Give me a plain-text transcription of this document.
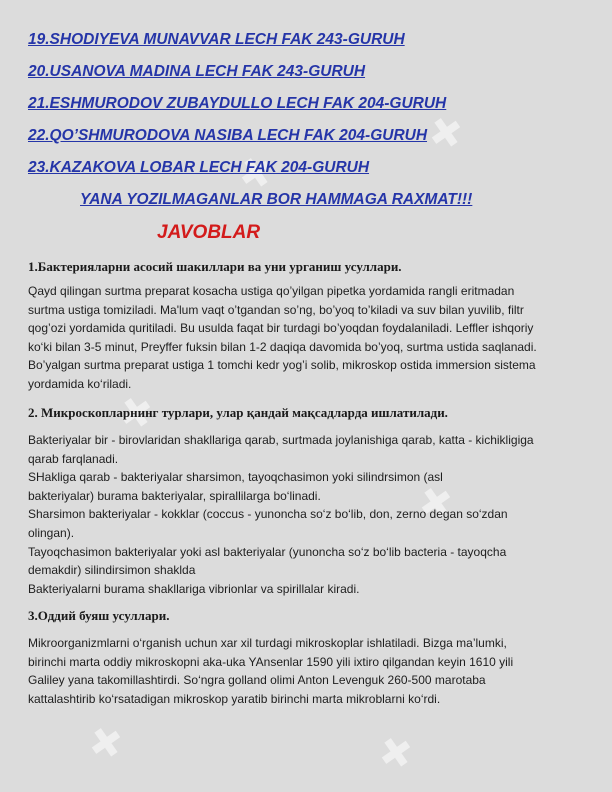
✚
✚
✚
✚
✚	✚
19.SHODIYEVA MUNAVVAR LECH FAK 243-GURUH
20.USANOVA MADINA LECH FAK 243-GURUH
21.ESHMURODOV ZUBAYDULLO LECH FAK 204-GURUH
22.QO’SHMURODOVA NASIBA LECH FAK 204-GURUH
23.KAZAKOVA LOBAR LECH FAK 204-GURUH
YANA YOZILMAGANLAR BOR HAMMAGA RAXMAT!!!
JAVOBLAR
1.Бактерияларни асосий шакиллари ва уни урганиш усуллари.
Qayd qilingan surtma preparat kosacha ustiga qo’yilgan pipetka yordamida rangli eritmadan
surtma ustiga tomiziladi. Ma'lum vaqt o’tgandan so’ng, bo’yoq to’kiladi va suv bilan yuvilib, filtr
qog’ozi yordamida quritiladi. Bu usulda faqat bir turdagi bo’yoqdan foydalaniladi. Leffler ishqoriy
ko‘ki bilan 3-5 minut, Preyffer fuksin bilan 1-2 daqiqa davomida bo’yoq, surtma ustida saqlanadi.
Bo’yalgan surtma preparat ustiga 1 tomchi kedr yog’i solib, mikroskop ostida immersion sistema
yordamida ko‘riladi.
2. Микроскопларнинг турлари, улар қандай мақсадларда ишлатилади.
Bakteriyalar bir - birovlaridan shakllariga qarab, surtmada joylanishiga qarab, katta - kichikligiga
qarab farqlanadi.
SHakliga qarab - bakteriyalar sharsimon, tayoqchasimon yoki silindrsimon (asl
bakteriyalar) burama bakteriyalar, spirallilarga bo‘linadi.
Sharsimon bakteriyalar - kokklar (coccus - yunoncha so‘z bo‘lib, don, zerno degan so‘zdan
olingan).
Tayoqchasimon bakteriyalar yoki asl bakteriyalar (yunoncha so‘z bo‘lib bacteria - tayoqcha
demakdir) silindirsimon shaklda
Bakteriyalarni burama shakllariga vibrionlar va spirillalar kiradi.
3.Оддий буяш усуллари.
Mikroorganizmlarni o‘rganish uchun xar xil turdagi mikroskoplar ishlatiladi. Bizga ma’lumki,
birinchi marta oddiy mikroskopni aka-uka YAnsenlar 1590 yili ixtiro qilgandan keyin 1610 yili
Galiley yana takomillashtirdi. So‘ngra golland olimi Anton Levenguk 260-500 marotaba
kattalashtirib ko‘rsatadigan mikroskop yaratib birinchi marta mikroblarni ko‘rdi.
